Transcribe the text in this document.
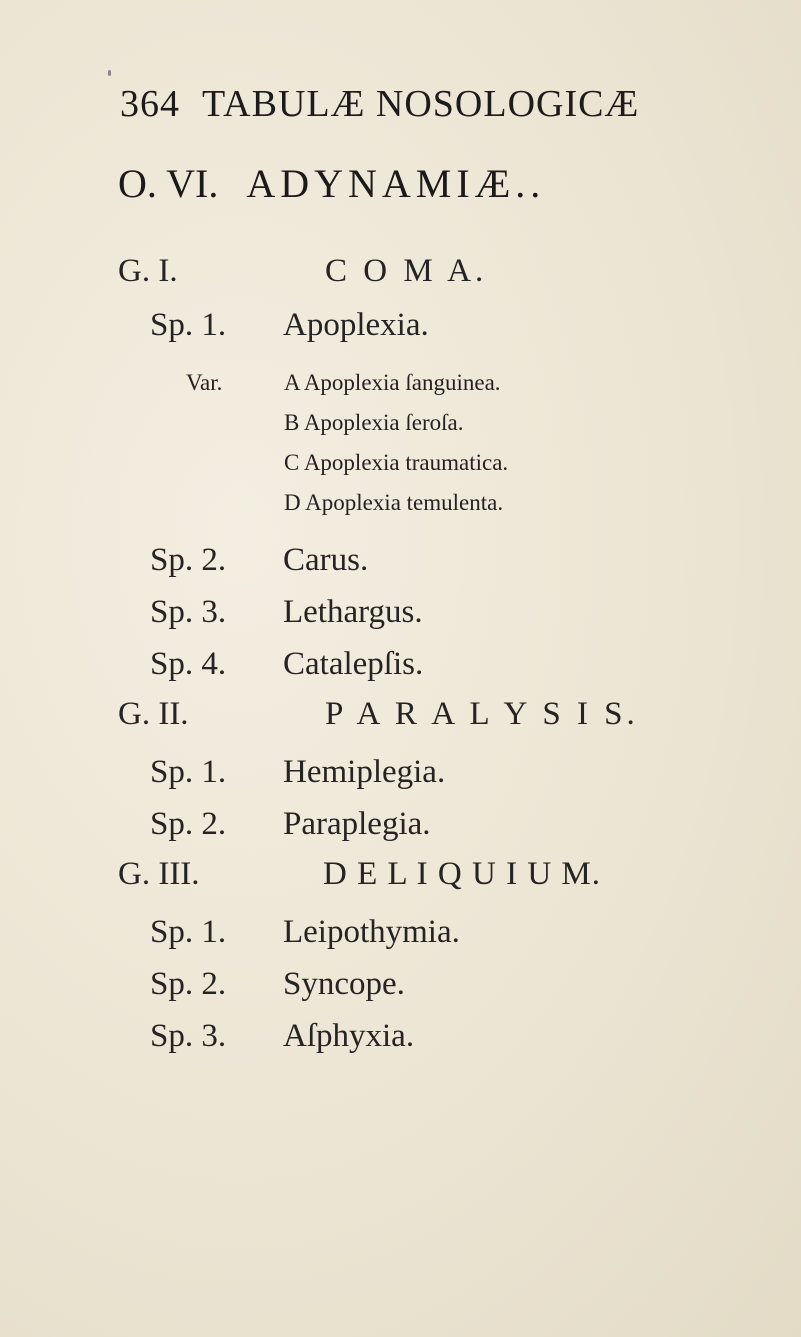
364 TABULÆ NOSOLOGICÆ
O. VI. ADYNAMIÆ..
G. I.	C O M A.
Sp. 1. Apoplexia.
Var.	A Apoplexia ſanguinea.
B Apoplexia ſeroſa.
C Apoplexia traumatica.
D Apoplexia temulenta.
Sp. 2. Carus.
Sp. 3. Lethargus.
Sp. 4. Catalepſis.
G. II.	P A R A L Y S I S.
Sp. 1. Hemiplegia.
Sp. 2. Paraplegia.
G. III.	D E L I Q U I U M.
Sp. 1. Leipothymia.
Sp. 2. Syncope.
Sp. 3. Aſphyxia.
